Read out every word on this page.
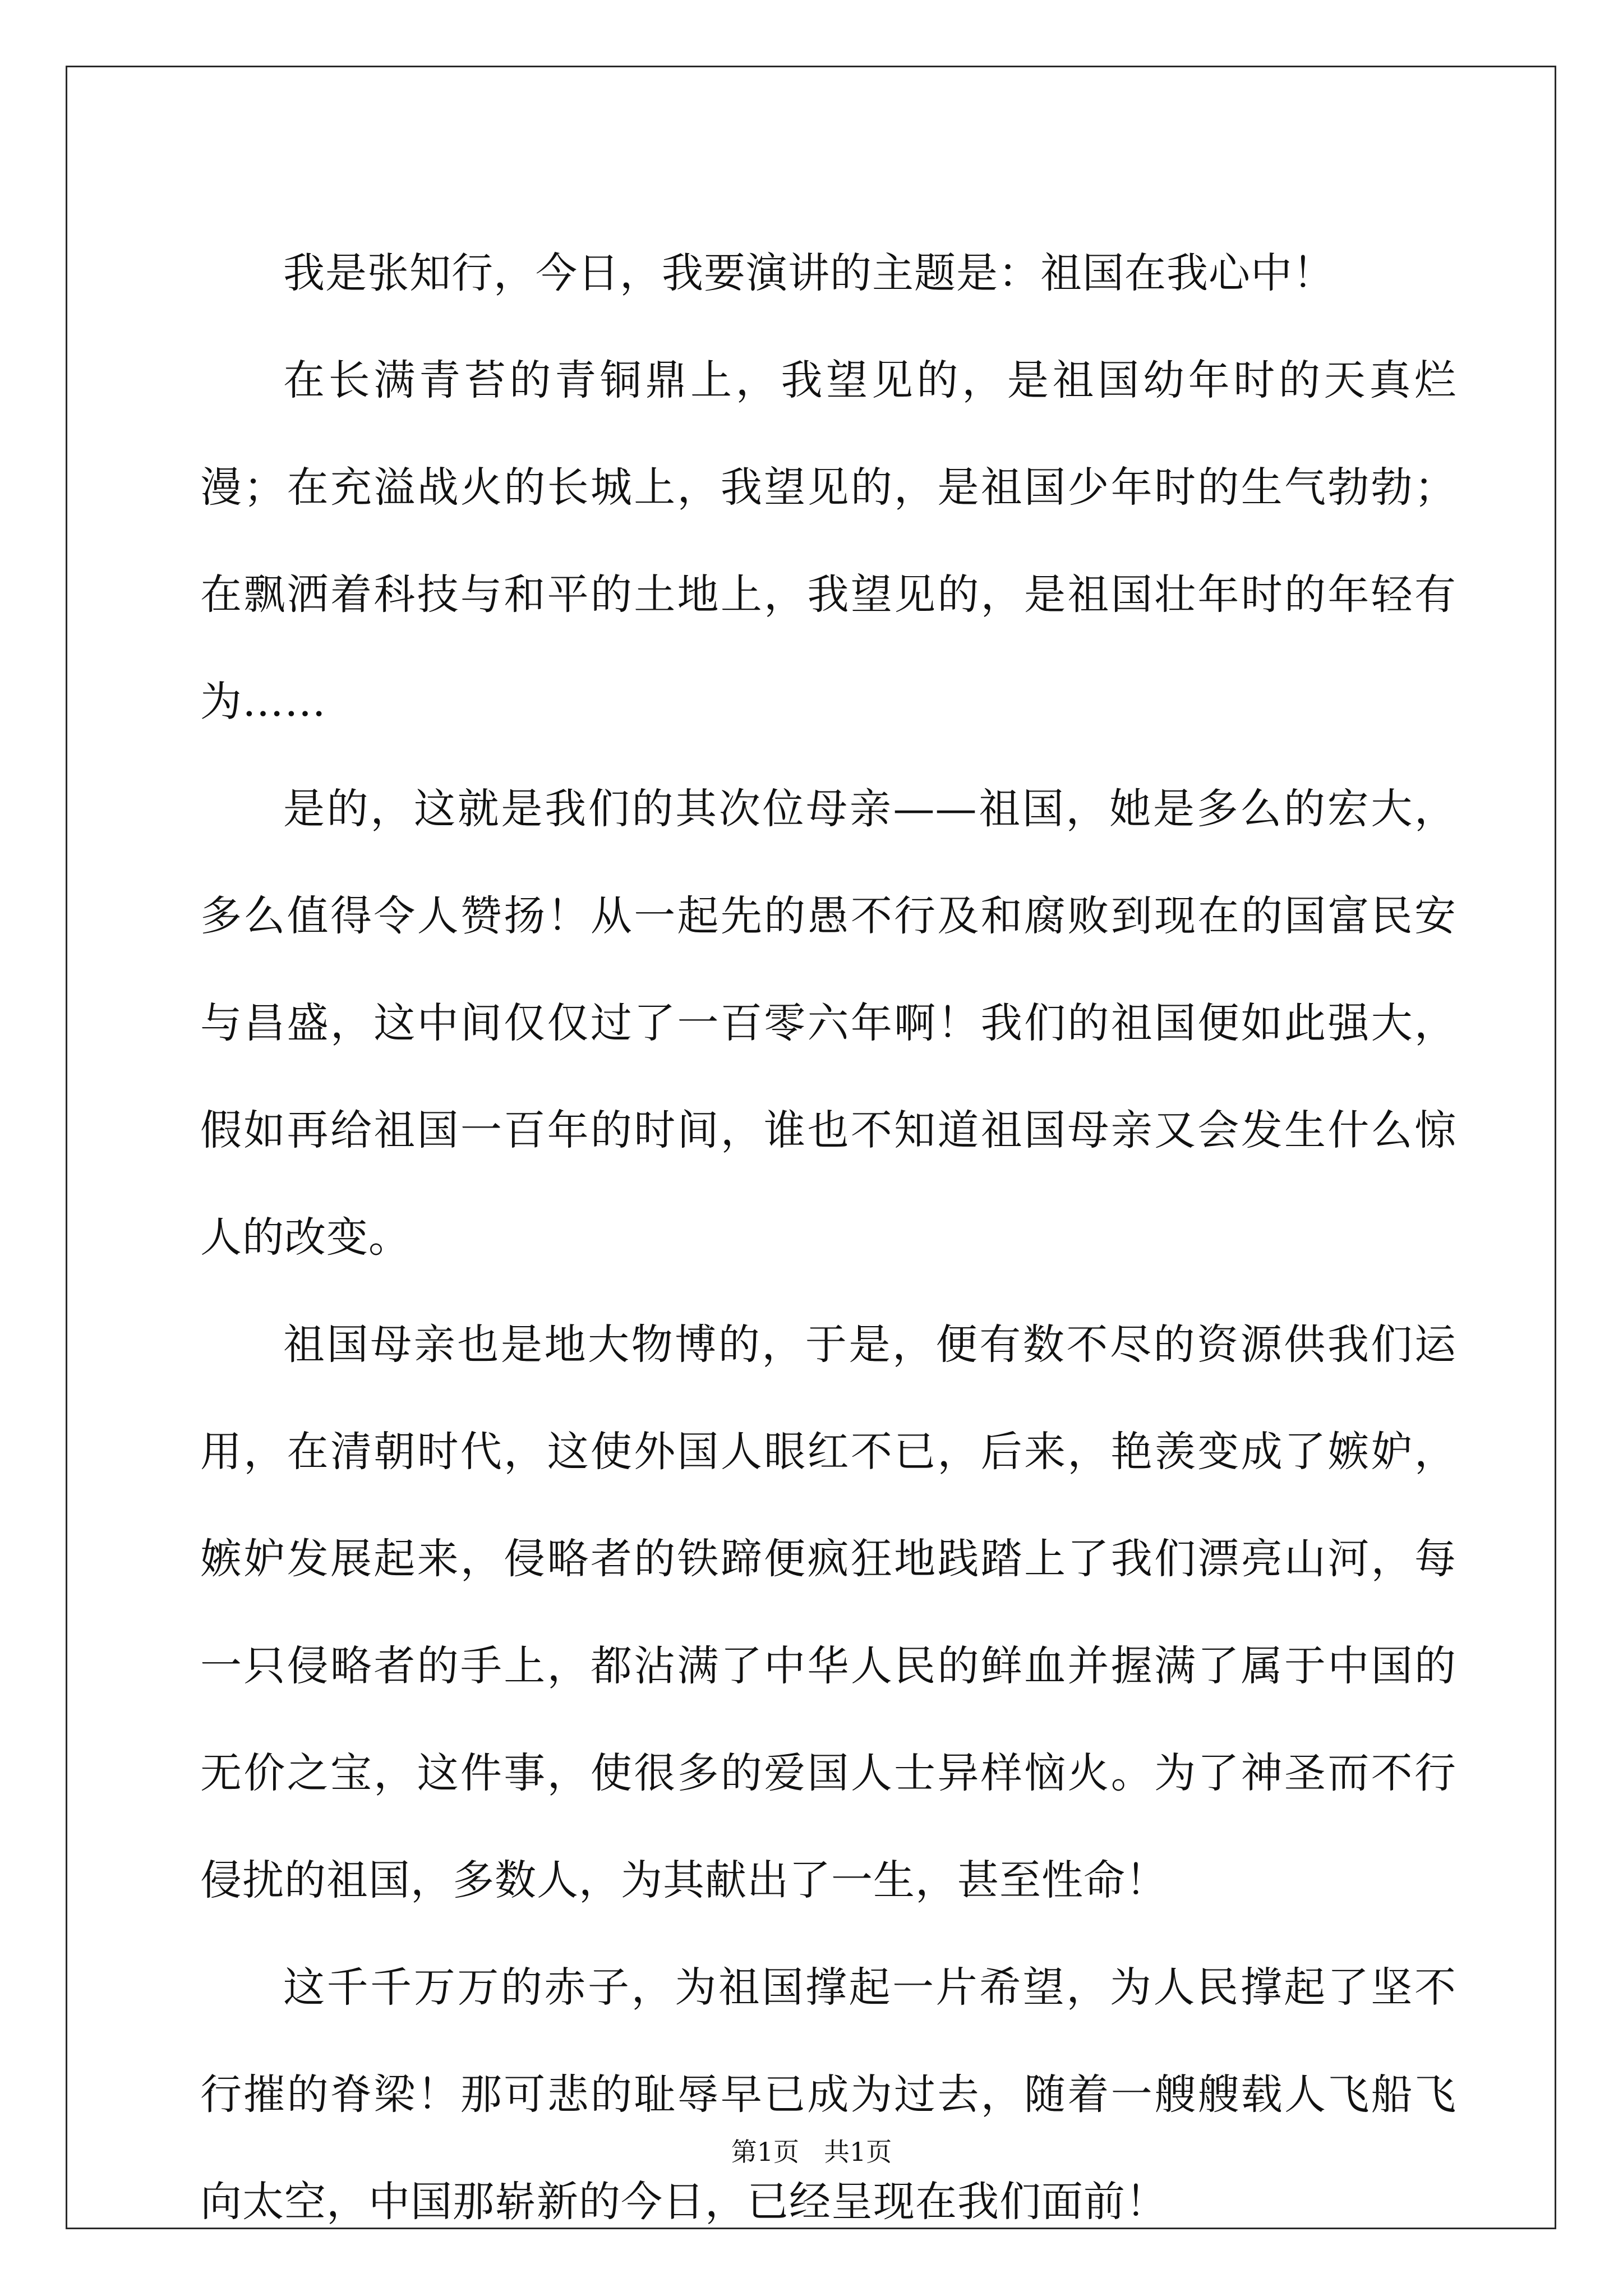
我是张知行，今日，我要演讲的主题是：祖国在我心中！

在长满青苔的青铜鼎上，我望见的，是祖国幼年时的天真烂漫；在充溢战火的长城上，我望见的，是祖国少年时的生气勃勃；在飘洒着科技与和平的土地上，我望见的，是祖国壮年时的年轻有为……

是的，这就是我们的其次位母亲——祖国，她是多么的宏大，多么值得令人赞扬！从一起先的愚不行及和腐败到现在的国富民安与昌盛，这中间仅仅过了一百零六年啊！我们的祖国便如此强大，假如再给祖国一百年的时间，谁也不知道祖国母亲又会发生什么惊人的改变。

祖国母亲也是地大物博的，于是，便有数不尽的资源供我们运用，在清朝时代，这使外国人眼红不已，后来，艳羡变成了嫉妒，嫉妒发展起来，侵略者的铁蹄便疯狂地践踏上了我们漂亮山河，每一只侵略者的手上，都沾满了中华人民的鲜血并握满了属于中国的无价之宝，这件事，使很多的爱国人士异样恼火。为了神圣而不行侵扰的祖国，多数人，为其献出了一生，甚至性命！

这千千万万的赤子，为祖国撑起一片希望，为人民撑起了坚不行摧的脊梁！那可悲的耻辱早已成为过去，随着一艘艘载人飞船飞向太空，中国那崭新的今日，已经呈现在我们面前！

第1页 共1页
